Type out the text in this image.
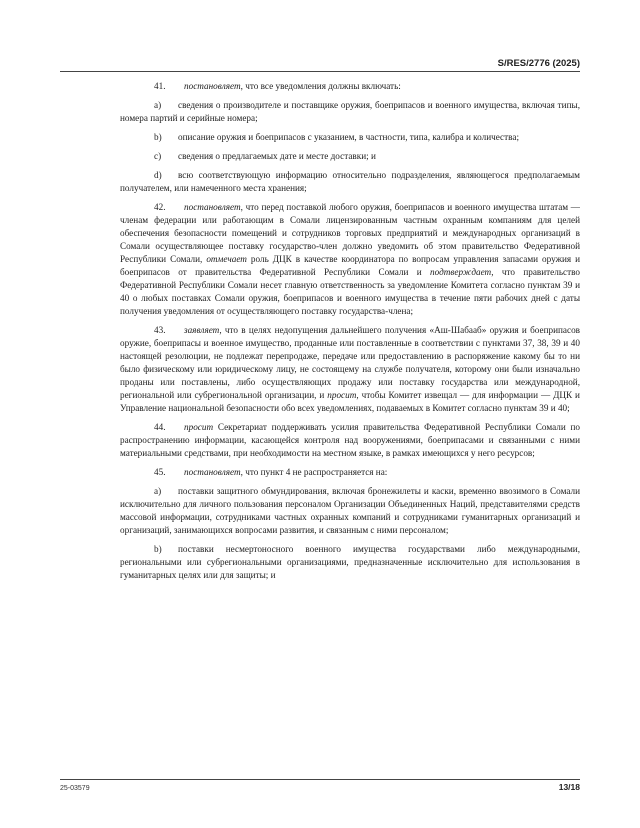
S/RES/2776 (2025)

41. постановляет, что все уведомления должны включать:

a) сведения о производителе и поставщике оружия, боеприпасов и военного имущества, включая типы, номера партий и серийные номера;

b) описание оружия и боеприпасов с указанием, в частности, типа, калибра и количества;

c) сведения о предлагаемых дате и месте доставки; и

d) всю соответствующую информацию относительно подразделения, являющегося предполагаемым получателем, или намеченного места хранения;

42. постановляет, что перед поставкой любого оружия, боеприпасов и военного имущества штатам — членам федерации или работающим в Сомали лицензированным частным охранным компаниям для целей обеспечения безопасности помещений и сотрудников торговых предприятий и международных организаций в Сомали осуществляющее поставку государство-член должно уведомить об этом правительство Федеративной Республики Сомали, отмечает роль ДЦК в качестве координатора по вопросам управления запасами оружия и боеприпасов от правительства Федеративной Республики Сомали и подтверждает, что правительство Федеративной Республики Сомали несет главную ответственность за уведомление Комитета согласно пунктам 39 и 40 о любых поставках Сомали оружия, боеприпасов и военного имущества в течение пяти рабочих дней с даты получения уведомления от осуществляющего поставку государства-члена;

43. заявляет, что в целях недопущения дальнейшего получения «Аш-Шабааб» оружия и боеприпасов оружие, боеприпасы и военное имущество, проданные или поставленные в соответствии с пунктами 37, 38, 39 и 40 настоящей резолюции, не подлежат перепродаже, передаче или предоставлению в распоряжение какому бы то ни было физическому или юридическому лицу, не состоящему на службе получателя, которому они были изначально проданы или поставлены, либо осуществляющих продажу или поставку государства или международной, региональной или субрегиональной организации, и просит, чтобы Комитет извещал — для информации — ДЦК и Управление национальной безопасности обо всех уведомлениях, подаваемых в Комитет согласно пунктам 39 и 40;

44. просит Секретариат поддерживать усилия правительства Федеративной Республики Сомали по распространению информации, касающейся контроля над вооружениями, боеприпасами и связанными с ними материальными средствами, при необходимости на местном языке, в рамках имеющихся у него ресурсов;

45. постановляет, что пункт 4 не распространяется на:

a) поставки защитного обмундирования, включая бронежилеты и каски, временно ввозимого в Сомали исключительно для личного пользования персоналом Организации Объединенных Наций, представителями средств массовой информации, сотрудниками частных охранных компаний и сотрудниками гуманитарных организаций и организаций, занимающихся вопросами развития, и связанным с ними персоналом;

b) поставки несмертоносного военного имущества государствами либо международными, региональными или субрегиональными организациями, предназначенные исключительно для использования в гуманитарных целях или для защиты; и

25-03579	13/18
